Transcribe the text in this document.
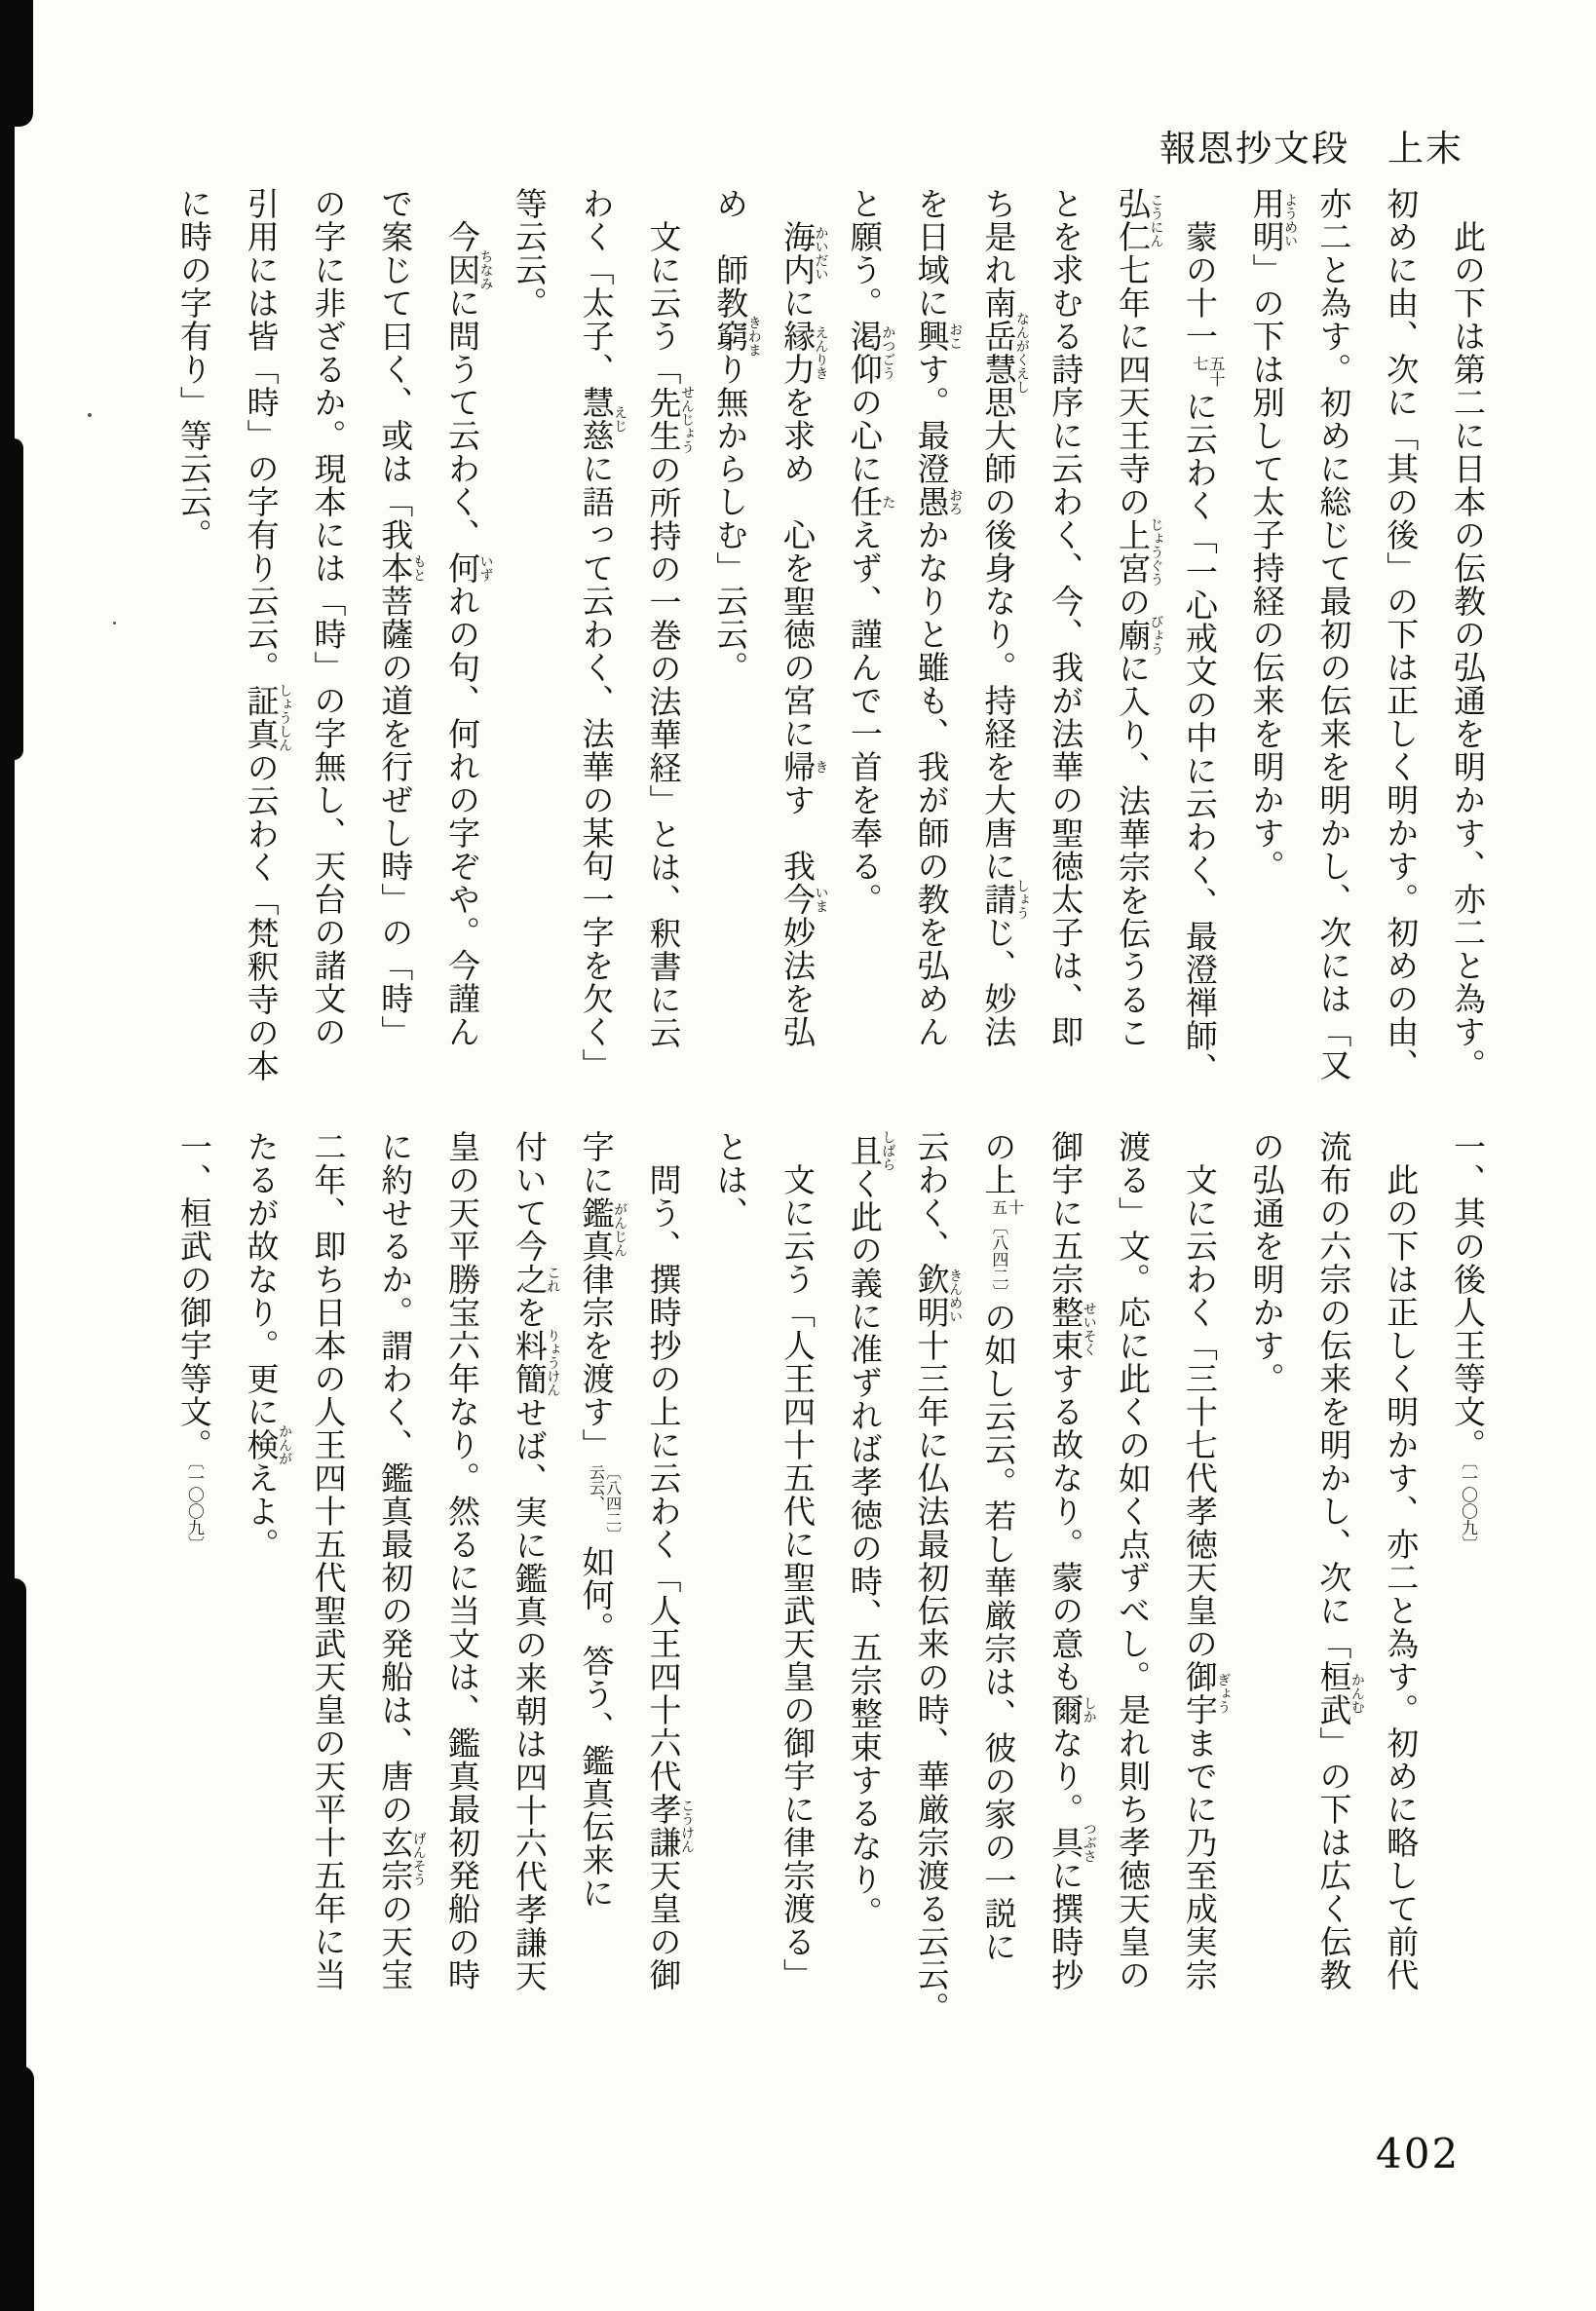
報恩抄文段　上末

此の下は第二に日本の伝教の弘通を明かす、亦二と為す。

初めに由、次に「其の後」の下は正しく明かす。初めの由、

亦二と為す。初めに総じて最初の伝来を明かし、次には「又

用明ようめい」の下は別して太子持経の伝来を明かす。

蒙の十一
五十
七
に云わく「一心戒文の中に云わく、最澄禅師、

弘仁こうにん七年に四天王寺の上宮じょうぐうの廟びょうに入り、法華宗を伝うるこ

とを求むる詩序に云わく、今、我が法華の聖徳太子は、即

ち是れ南岳慧思なんがくえし大師の後身なり。持経を大唐に請しょうじ、妙法

を日域に興おこす。最澄愚おろかなりと雖も、我が師の教を弘めん

と願う。渇仰かつごうの心に任たえず、謹んで一首を奉る。

海内かいだいに縁力えんりきを求め　心を聖徳の宮に帰きす　我今いま妙法を弘

め　師教窮きわまり無からしむ」云云。

文に云う「先生せんじょうの所持の一巻の法華経」とは、釈書に云

わく「太子、慧慈えじに語って云わく、法華の某句一字を欠く」

等云云。

今因ちなみに問うて云わく、何いずれの句、何れの字ぞや。今謹ん

で案じて曰く、或は「我本もと菩薩の道を行ぜし時」の「時」

の字に非ざるか。現本には「時」の字無し、天台の諸文の

引用には皆「時」の字有り云云。証真しょうしんの云わく「梵釈寺の本

に時の字有り」等云云。

一、其の後人王等文。〔一〇〇九〕

此の下は正しく明かす、亦二と為す。初めに略して前代

流布の六宗の伝来を明かし、次に「桓武かんむ」の下は広く伝教

の弘通を明かす。

文に云わく「三十七代孝徳天皇の御宇ぎょうまでに乃至成実宗

渡る」文。応に此くの如く点ずべし。是れ則ち孝徳天皇の

御宇に五宗整束せいそくする故なり。蒙の意も爾しかなり。具つぶさに撰時抄

の上
十
五
〔八四二〕の如し云云。若し華厳宗は、彼の家の一説に

云わく、欽明きんめい十三年に仏法最初伝来の時、華厳宗渡る云云。

且しばらく此の義に准ずれば孝徳の時、五宗整束するなり。

文に云う「人王四十五代に聖武天皇の御宇に律宗渡る」

とは、

問う、撰時抄の上に云わく「人王四十六代孝謙こうけん天皇の御

字に鑑真がんじん律宗を渡す」
〔八四二〕
云云、
如何。答う、鑑真伝来に

付いて今之これを料簡りょうけんせば、実に鑑真の来朝は四十六代孝謙天

皇の天平勝宝六年なり。然るに当文は、鑑真最初発船の時

に約せるか。謂わく、鑑真最初の発船は、唐の玄宗げんそうの天宝

二年、即ち日本の人王四十五代聖武天皇の天平十五年に当

たるが故なり。更に検かんがえよ。

一、桓武の御宇等文。〔一〇〇九〕

402
